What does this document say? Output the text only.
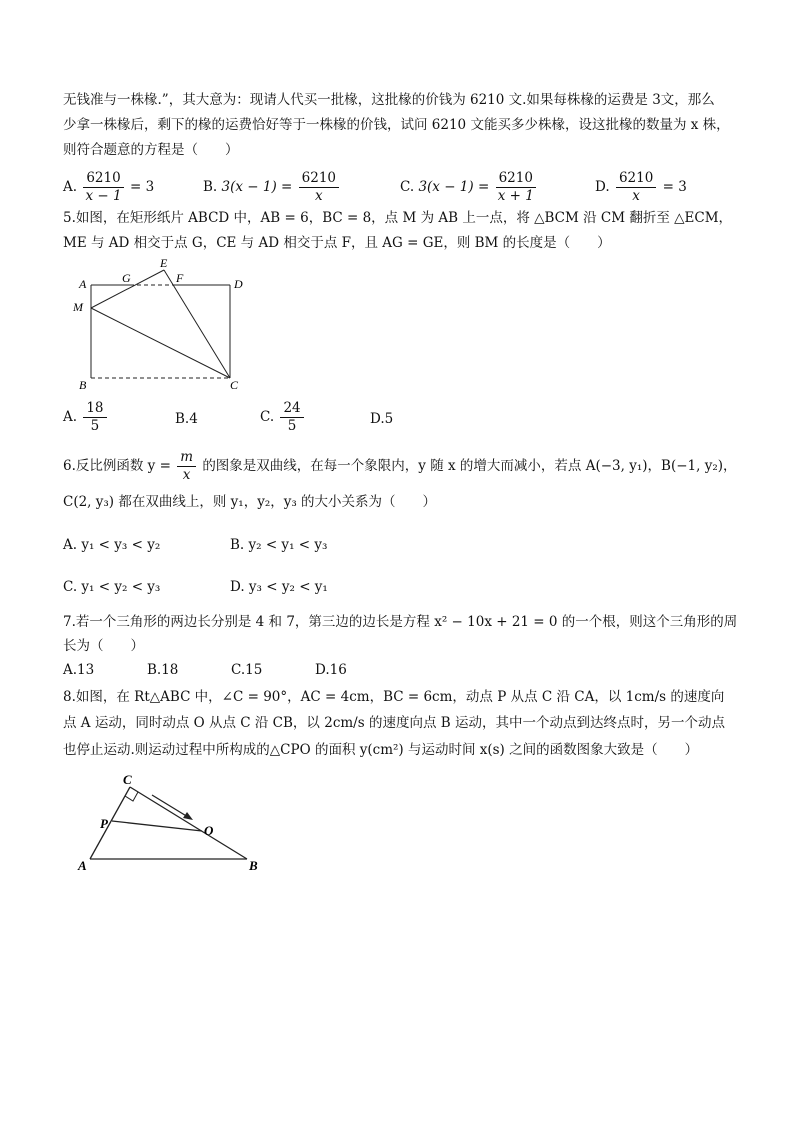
无钱准与一株椽.”，其大意为：现请人代买一批椽，这批椽的价钱为 6210 文.如果每株椽的运费是 3文，那么
少拿一株椽后，剩下的椽的运费恰好等于一株椽的价钱，试问 6210 文能买多少株椽，设这批椽的数量为 x 株，
则符合题意的方程是（　　）
A. $\frac{6210}{x - 1} = 3$	B. $3(x - 1) = \frac{6210}{x}$	C. $3(x - 1) = \frac{6210}{x + 1}$	D. $\frac{6210}{x} = 3$
5.如图，在矩形纸片 ABCD 中，AB = 6，BC = 8，点 M 为 AB 上一点，将 △BCM 沿 CM 翻折至 △ECM，
ME 与 AD 相交于点 G，CE 与 AD 相交于点 F，且 AG = GE，则 BM 的长度是（　　）
A	G
E
F	D
M
B	C
A. $\frac{18}{5}$	B.4	C. $\frac{24}{5}$	D.5
6.反比例函数 $y = \frac{m}{x}$ 的图象是双曲线，在每一个象限内，y 随 x 的增大而减小，若点 A(−3, y₁)，B(−1, y₂)，
C(2, y₃) 都在双曲线上，则 y₁，y₂，y₃ 的大小关系为（　　）
A. y₁ < y₃ < y₂	B. y₂ < y₁ < y₃
C. y₁ < y₂ < y₃	D. y₃ < y₂ < y₁
7.若一个三角形的两边长分别是 4 和 7，第三边的边长是方程 x² − 10x + 21 = 0 的一个根，则这个三角形的周
长为（　　）
A.13	B.18	C.15	D.16
8.如图，在 Rt△ABC 中，∠C = 90°，AC = 4cm，BC = 6cm，动点 P 从点 C 沿 CA，以 1cm/s 的速度向
点 A 运动，同时动点 O 从点 C 沿 CB，以 2cm/s 的速度向点 B 运动，其中一个动点到达终点时，另一个动点
也停止运动.则运动过程中所构成的△CPO 的面积 y(cm²) 与运动时间 x(s) 之间的函数图象大致是（　　）
C
P	O
A	B
